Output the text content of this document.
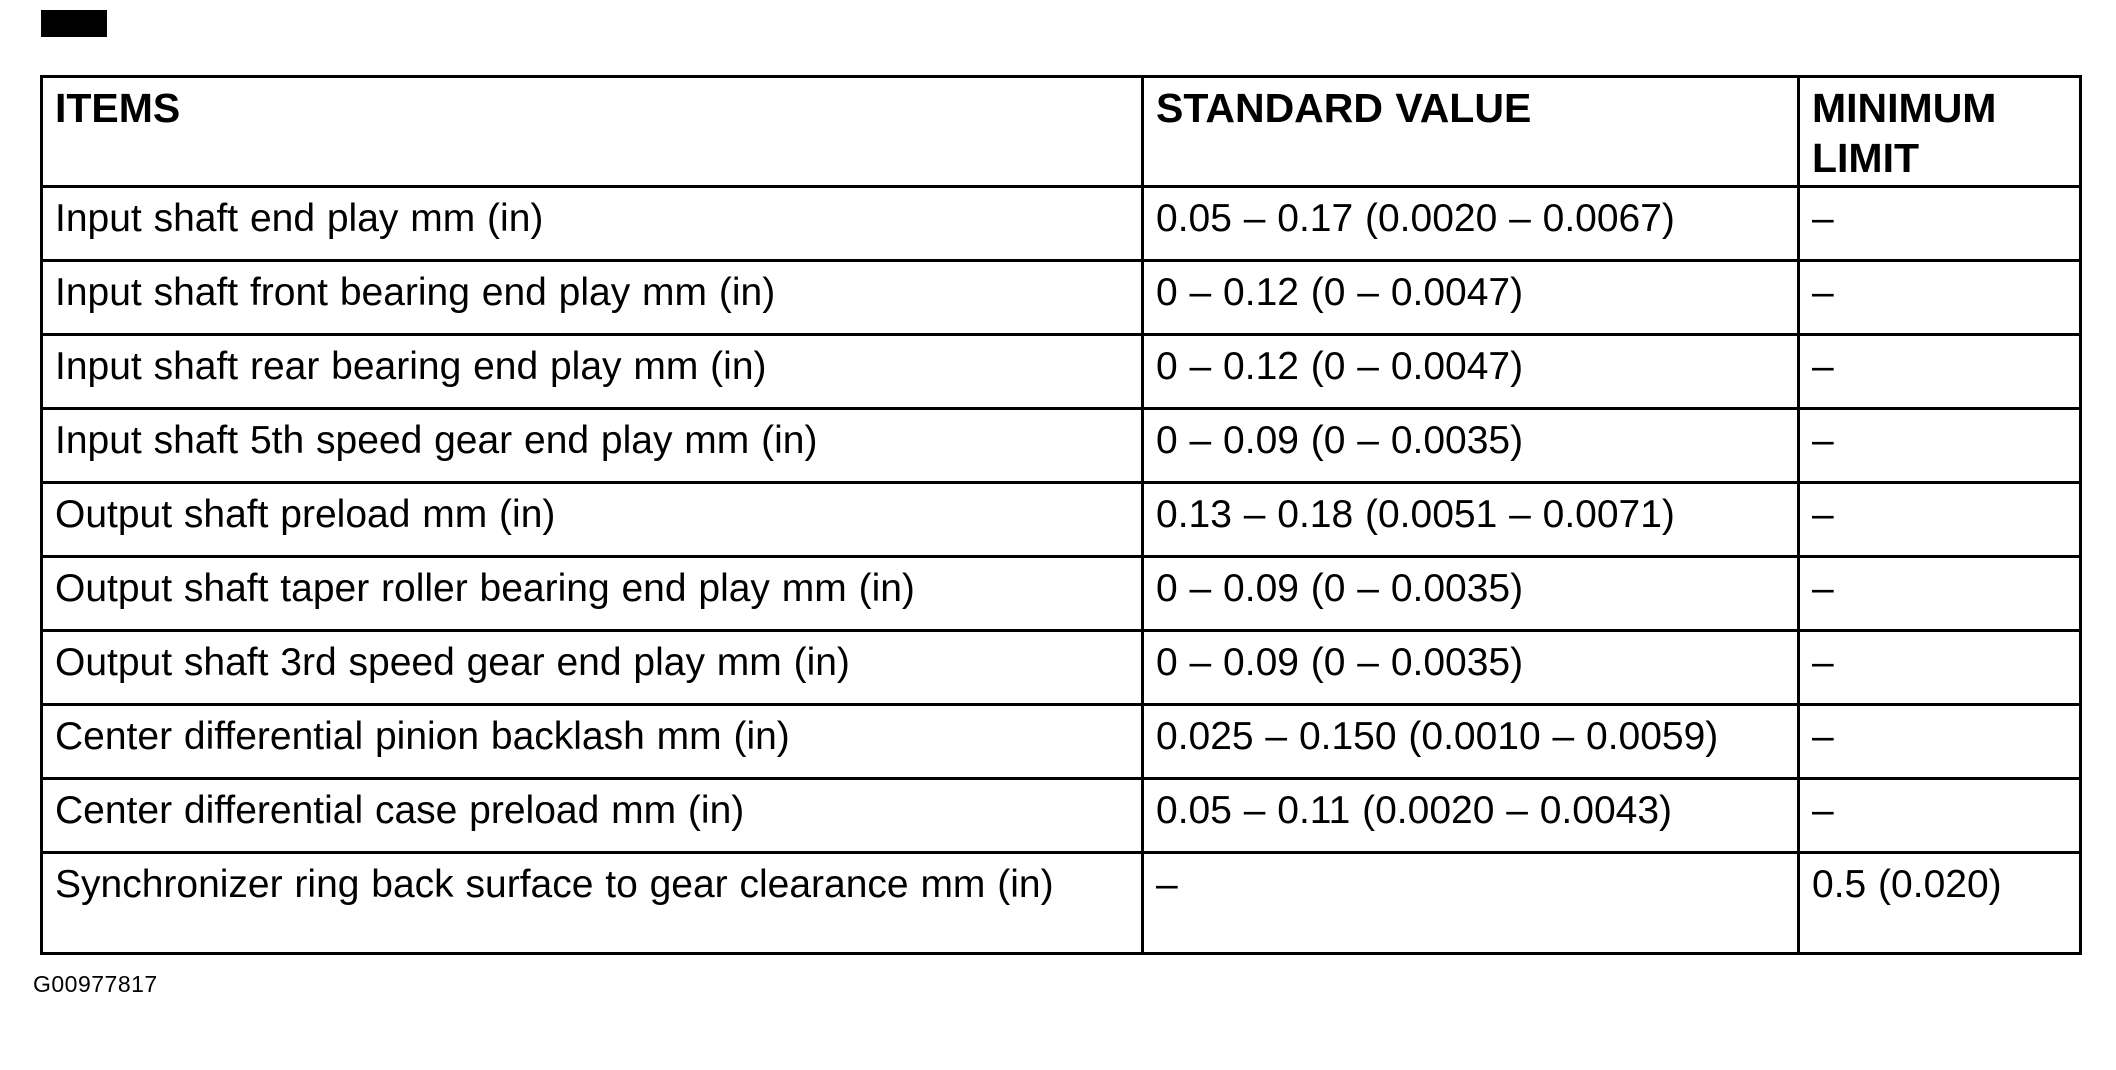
ITEMS	STANDARD VALUE	MINIMUM LIMIT
Input shaft end play mm (in)	0.05 – 0.17 (0.0020 – 0.0067)	–
Input shaft front bearing end play mm (in)	0 – 0.12 (0 – 0.0047)	–
Input shaft rear bearing end play mm (in)	0 – 0.12 (0 – 0.0047)	–
Input shaft 5th speed gear end play mm (in)	0 – 0.09 (0 – 0.0035)	–
Output shaft preload mm (in)	0.13 – 0.18 (0.0051 – 0.0071)	–
Output shaft taper roller bearing end play mm (in)	0 – 0.09 (0 – 0.0035)	–
Output shaft 3rd speed gear end play mm (in)	0 – 0.09 (0 – 0.0035)	–
Center differential pinion backlash mm (in)	0.025 – 0.150 (0.0010 – 0.0059)	–
Center differential case preload mm (in)	0.05 – 0.11 (0.0020 – 0.0043)	–
Synchronizer ring back surface to gear clearance mm (in)	–	0.5 (0.020)
G00977817
